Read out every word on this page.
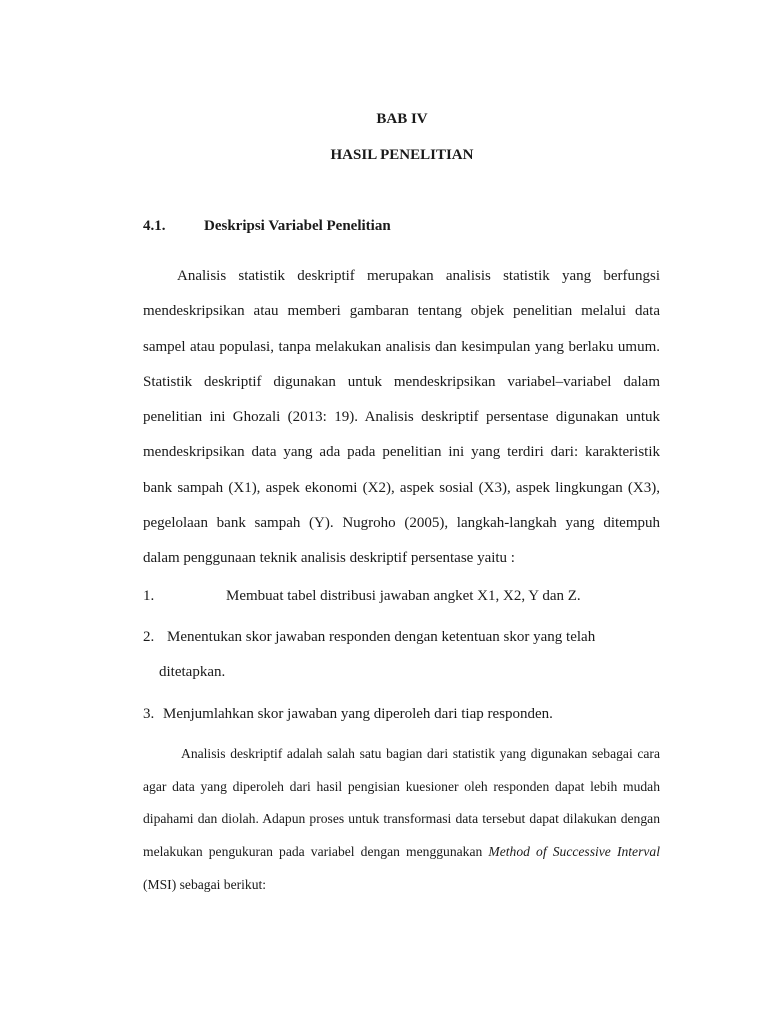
BAB IV
HASIL PENELITIAN
4.1.	Deskripsi Variabel Penelitian

Analisis statistik deskriptif merupakan analisis statistik yang berfungsi mendeskripsikan atau memberi gambaran tentang objek penelitian melalui data sampel atau populasi, tanpa melakukan analisis dan kesimpulan yang berlaku umum. Statistik deskriptif digunakan untuk mendeskripsikan variabel–variabel dalam penelitian ini Ghozali (2013: 19). Analisis deskriptif persentase digunakan untuk mendeskripsikan data yang ada pada penelitian ini yang terdiri dari: karakteristik bank sampah (X1), aspek ekonomi (X2), aspek sosial (X3), aspek lingkungan (X3), pegelolaan bank sampah (Y). Nugroho (2005), langkah-langkah yang ditempuh dalam penggunaan teknik analisis deskriptif persentase yaitu :

1.	Membuat tabel distribusi jawaban angket X1, X2, Y dan Z.

2. Menentukan skor jawaban responden dengan ketentuan skor yang telah

ditetapkan.

3. Menjumlahkan skor jawaban yang diperoleh dari tiap responden.

Analisis deskriptif adalah salah satu bagian dari statistik yang digunakan sebagai cara agar data yang diperoleh dari hasil pengisian kuesioner oleh responden dapat lebih mudah dipahami dan diolah. Adapun proses untuk transformasi data tersebut dapat dilakukan dengan melakukan pengukuran pada variabel dengan menggunakan Method of Successive Interval (MSI) sebagai berikut:
